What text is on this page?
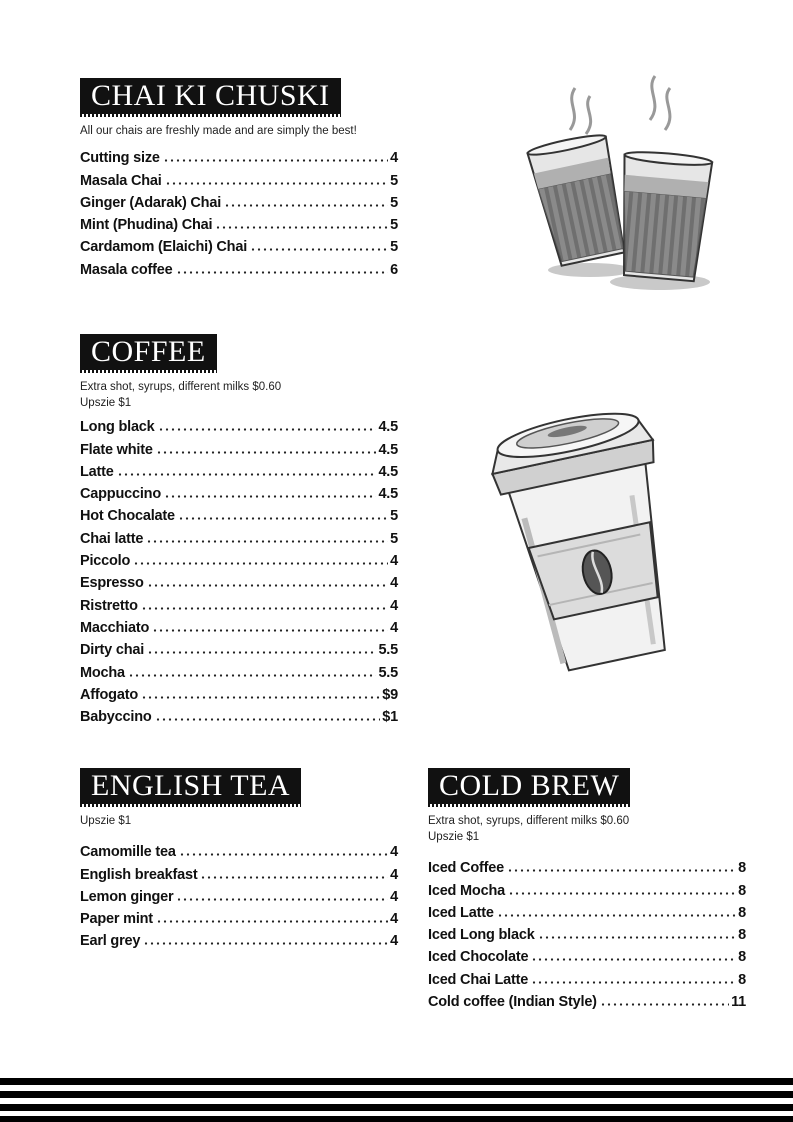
CHAI KI CHUSKI
All our chais are freshly made and are simply the best!
Cutting size	4
Masala Chai	5
Ginger (Adarak) Chai	5
Mint (Phudina) Chai	5
Cardamom (Elaichi) Chai	5
Masala coffee	6
COFFEE
Extra shot, syrups, different milks $0.60
Upszie $1
Long black	4.5
Flate white	4.5
Latte	4.5
Cappuccino	4.5
Hot Chocalate	5
Chai latte	5
Piccolo	4
Espresso	4
Ristretto	4
Macchiato	4
Dirty chai	5.5
Mocha	5.5
Affogato	$9
Babyccino	$1
ENGLISH TEA
Upszie $1
Camomille tea	4
English breakfast	4
Lemon ginger	4
Paper mint	4
Earl grey	4
COLD BREW
Extra shot, syrups, different milks $0.60
Upszie $1
Iced Coffee	8
Iced Mocha	8
Iced Latte	8
Iced Long black	8
Iced Chocolate	8
Iced Chai Latte	8
Cold coffee (Indian Style)	11
